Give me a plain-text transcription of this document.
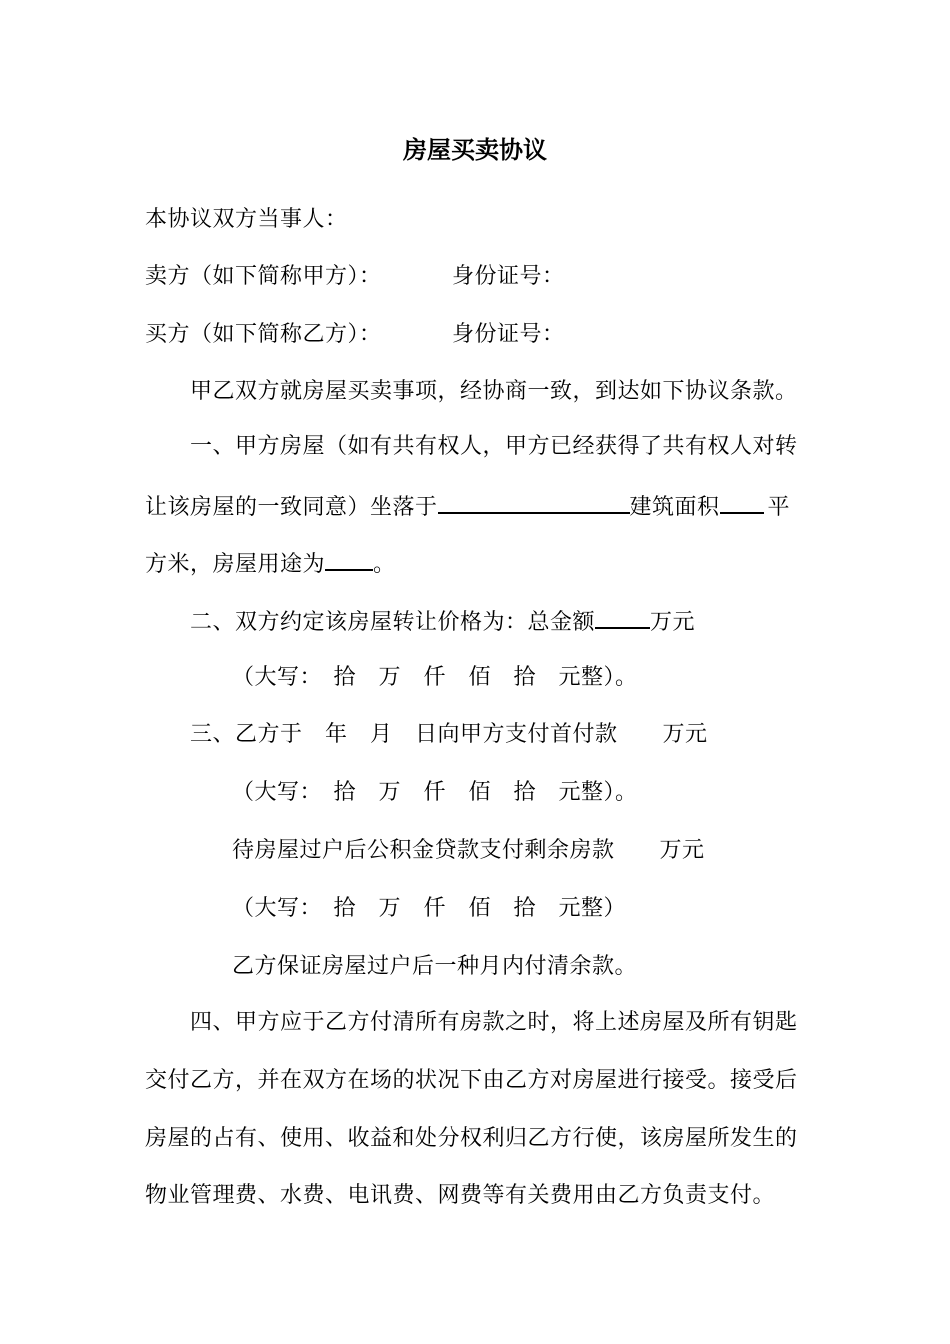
房屋买卖协议
本协议双方当事人：
卖方（如下简称甲方）：	身份证号：
买方（如下简称乙方）：	身份证号：
甲乙双方就房屋买卖事项，经协商一致，到达如下协议条款。
一、甲方房屋（如有共有权人，甲方已经获得了共有权人对转
让该房屋的一致同意）坐落于	建筑面积 平
方米，房屋用途为 。
二、双方约定该房屋转让价格为：总金额	万元
（大写：　拾　万　仟　佰　拾　元整）。
三、乙方于　年　月　日向甲方支付首付款　　万元
（大写：　拾　万　仟　佰　拾　元整）。
待房屋过户后公积金贷款支付剩余房款　　万元
（大写：　拾　万　仟　佰　拾　元整）
乙方保证房屋过户后一种月内付清余款。
四、甲方应于乙方付清所有房款之时，将上述房屋及所有钥匙
交付乙方，并在双方在场的状况下由乙方对房屋进行接受。接受后
房屋的占有、使用、收益和处分权利归乙方行使，该房屋所发生的
物业管理费、水费、电讯费、网费等有关费用由乙方负责支付。
